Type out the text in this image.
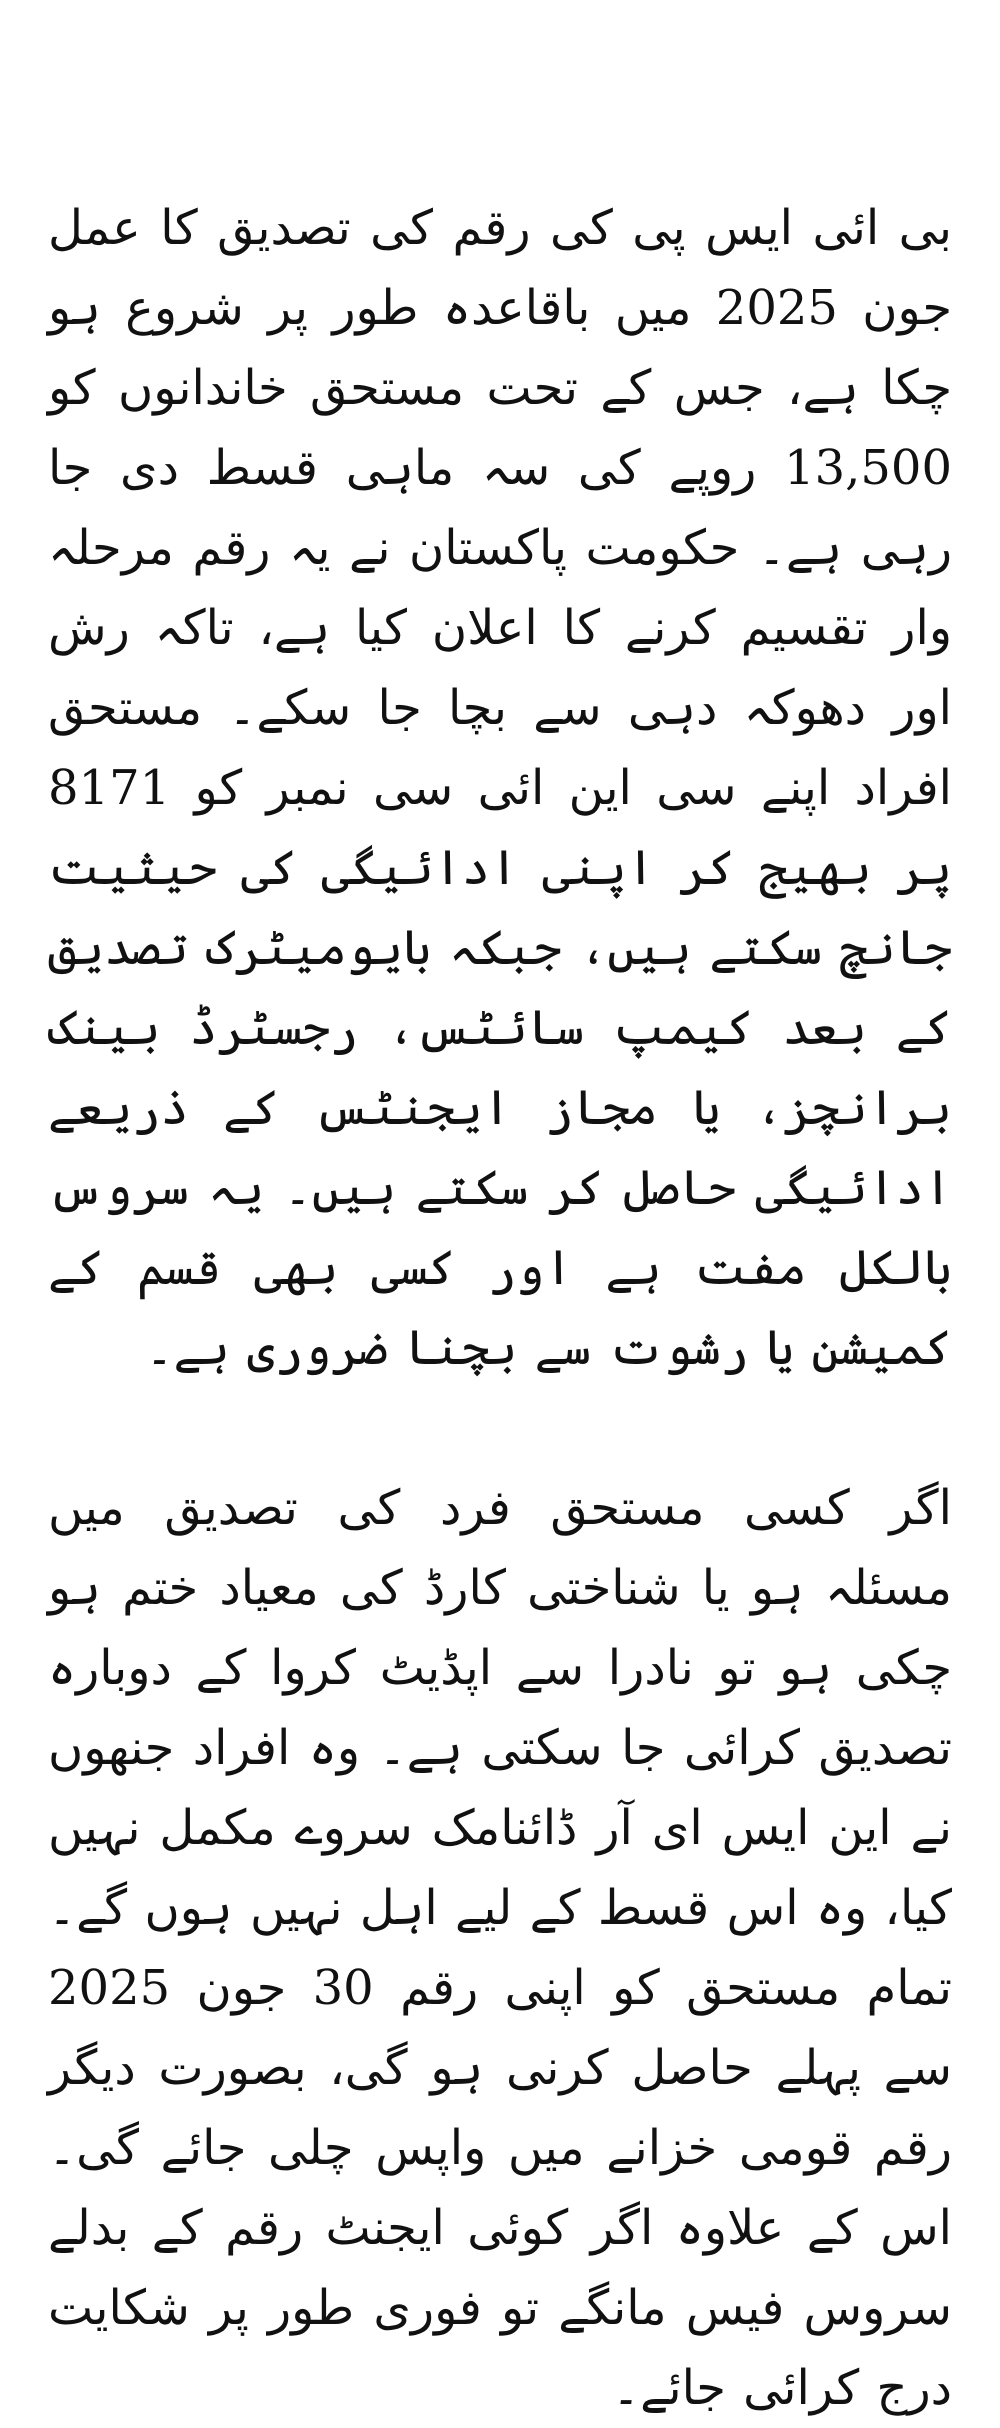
بی ائی ایس پی کی رقم کی تصدیق کا عمل جون 2025 میں باقاعدہ طور پر شروع ہو چکا ہے، جس کے تحت مستحق خاندانوں کو 13,500 روپے کی سہ ماہی قسط دی جا رہی ہے۔ حکومت پاکستان نے یہ رقم مرحلہ وار تقسیم کرنے کا اعلان کیا ہے، تاکہ رش اور دھوکہ دہی سے بچا جا سکے۔ مستحق افراد اپنے سی این ائی سی نمبر کو 8171 پر بھیج کر اپنی ادائیگی کی حیثیت جانچ سکتے ہیں، جبکہ بایومیٹرک تصدیق کے بعد کیمپ سائٹس، رجسٹرڈ بینک برانچز، یا مجاز ایجنٹس کے ذریعے ادائیگی حاصل کر سکتے ہیں۔ یہ سروس بالکل مفت ہے اور کسی بھی قسم کے کمیشن یا رشوت سے بچنا ضروری ہے۔

اگر کسی مستحق فرد کی تصدیق میں مسئلہ ہو یا شناختی کارڈ کی معیاد ختم ہو چکی ہو تو نادرا سے اپڈیٹ کروا کے دوبارہ تصدیق کرائی جا سکتی ہے۔ وہ افراد جنھوں نے این ایس ای آر ڈائنامک سروے مکمل نہیں کیا، وہ اس قسط کے لیے اہل نہیں ہوں گے۔ تمام مستحق کو اپنی رقم 30 جون 2025 سے پہلے حاصل کرنی ہو گی، بصورت دیگر رقم قومی خزانے میں واپس چلی جائے گی۔ اس کے علاوہ اگر کوئی ایجنٹ رقم کے بدلے سروس فیس مانگے تو فوری طور پر شکایت درج کرائی جائے۔
